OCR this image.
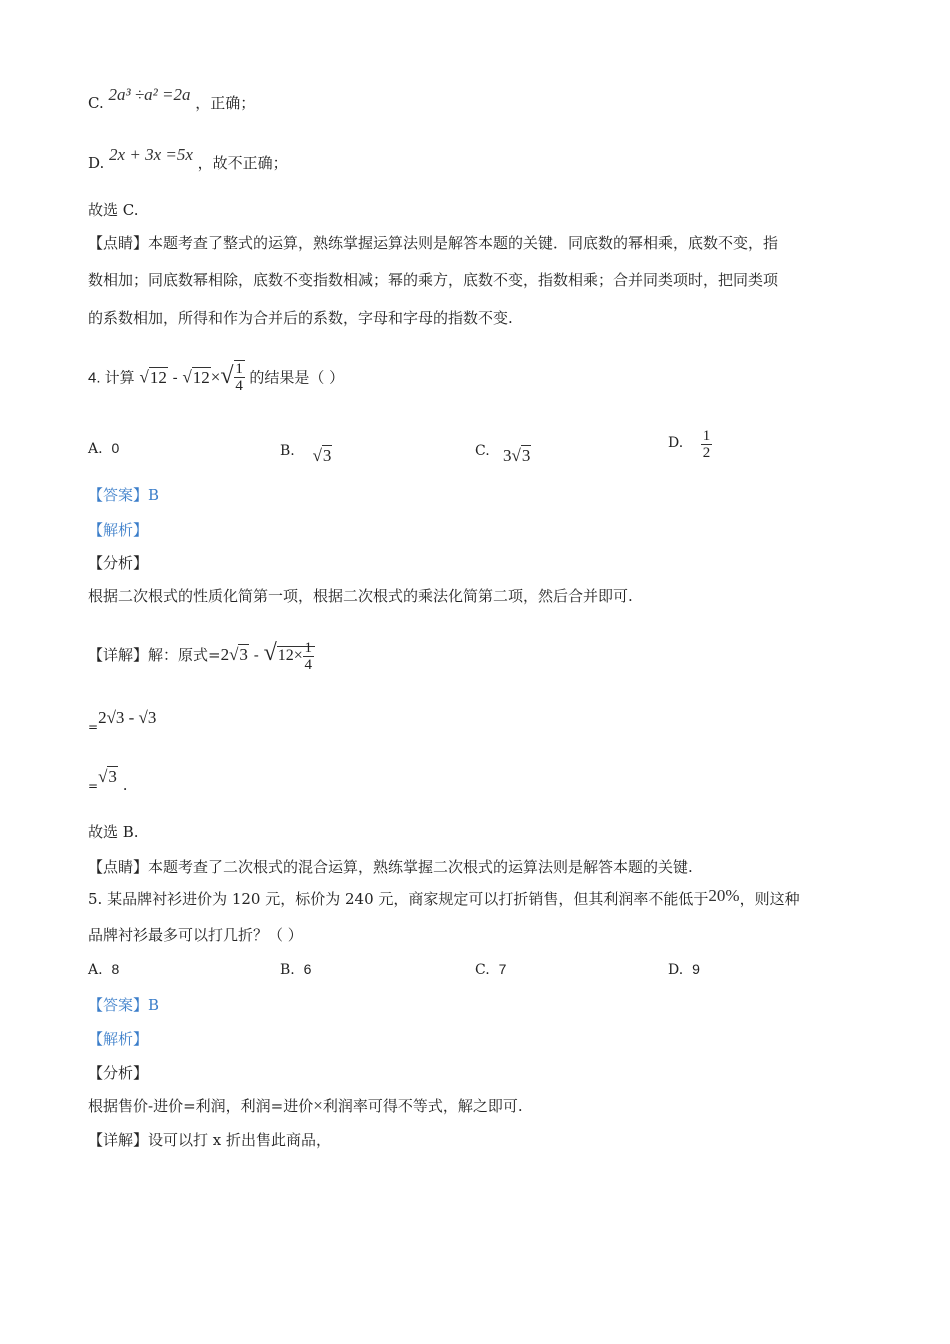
C. 2a³ ÷a² =2a ，正确；
D. 2x + 3x =5x ，故不正确；
故选 C.
【点睛】本题考查了整式的运算，熟练掌握运算法则是解答本题的关键．同底数的幂相乘，底数不变，指
数相加；同底数幂相除，底数不变指数相减；幂的乘方，底数不变，指数相乘；合并同类项时，把同类项
的系数相加，所得和作为合并后的系数，字母和字母的指数不变.
4. 计算 $√12 - √12\times√ \frac{1}{4}$ 的结果是（ ）
A. 0	B. √3	C. 3√3
D. $\frac{1}{2}$
【答案】B
【解析】
【分析】
根据二次根式的性质化简第一项，根据二次根式的乘法化简第二项，然后合并即可.
【详解】解：原式$=2√3 - √12\times \frac{1}{4}$
$_=$2√3 - √3
$_=$√3 .
故选 B.
【点睛】本题考查了二次根式的混合运算，熟练掌握二次根式的运算法则是解答本题的关键.
5. 某品牌衬衫进价为 120 元，标价为 240 元，商家规定可以打折销售，但其利润率不能低于20%，则这种
品牌衬衫最多可以打几折？（ ）
A. 8	B. 6	C. 7	D. 9
【答案】B
【解析】
【分析】
根据售价-进价=利润，利润=进价×利润率可得不等式，解之即可.
【详解】设可以打 x 折出售此商品，
